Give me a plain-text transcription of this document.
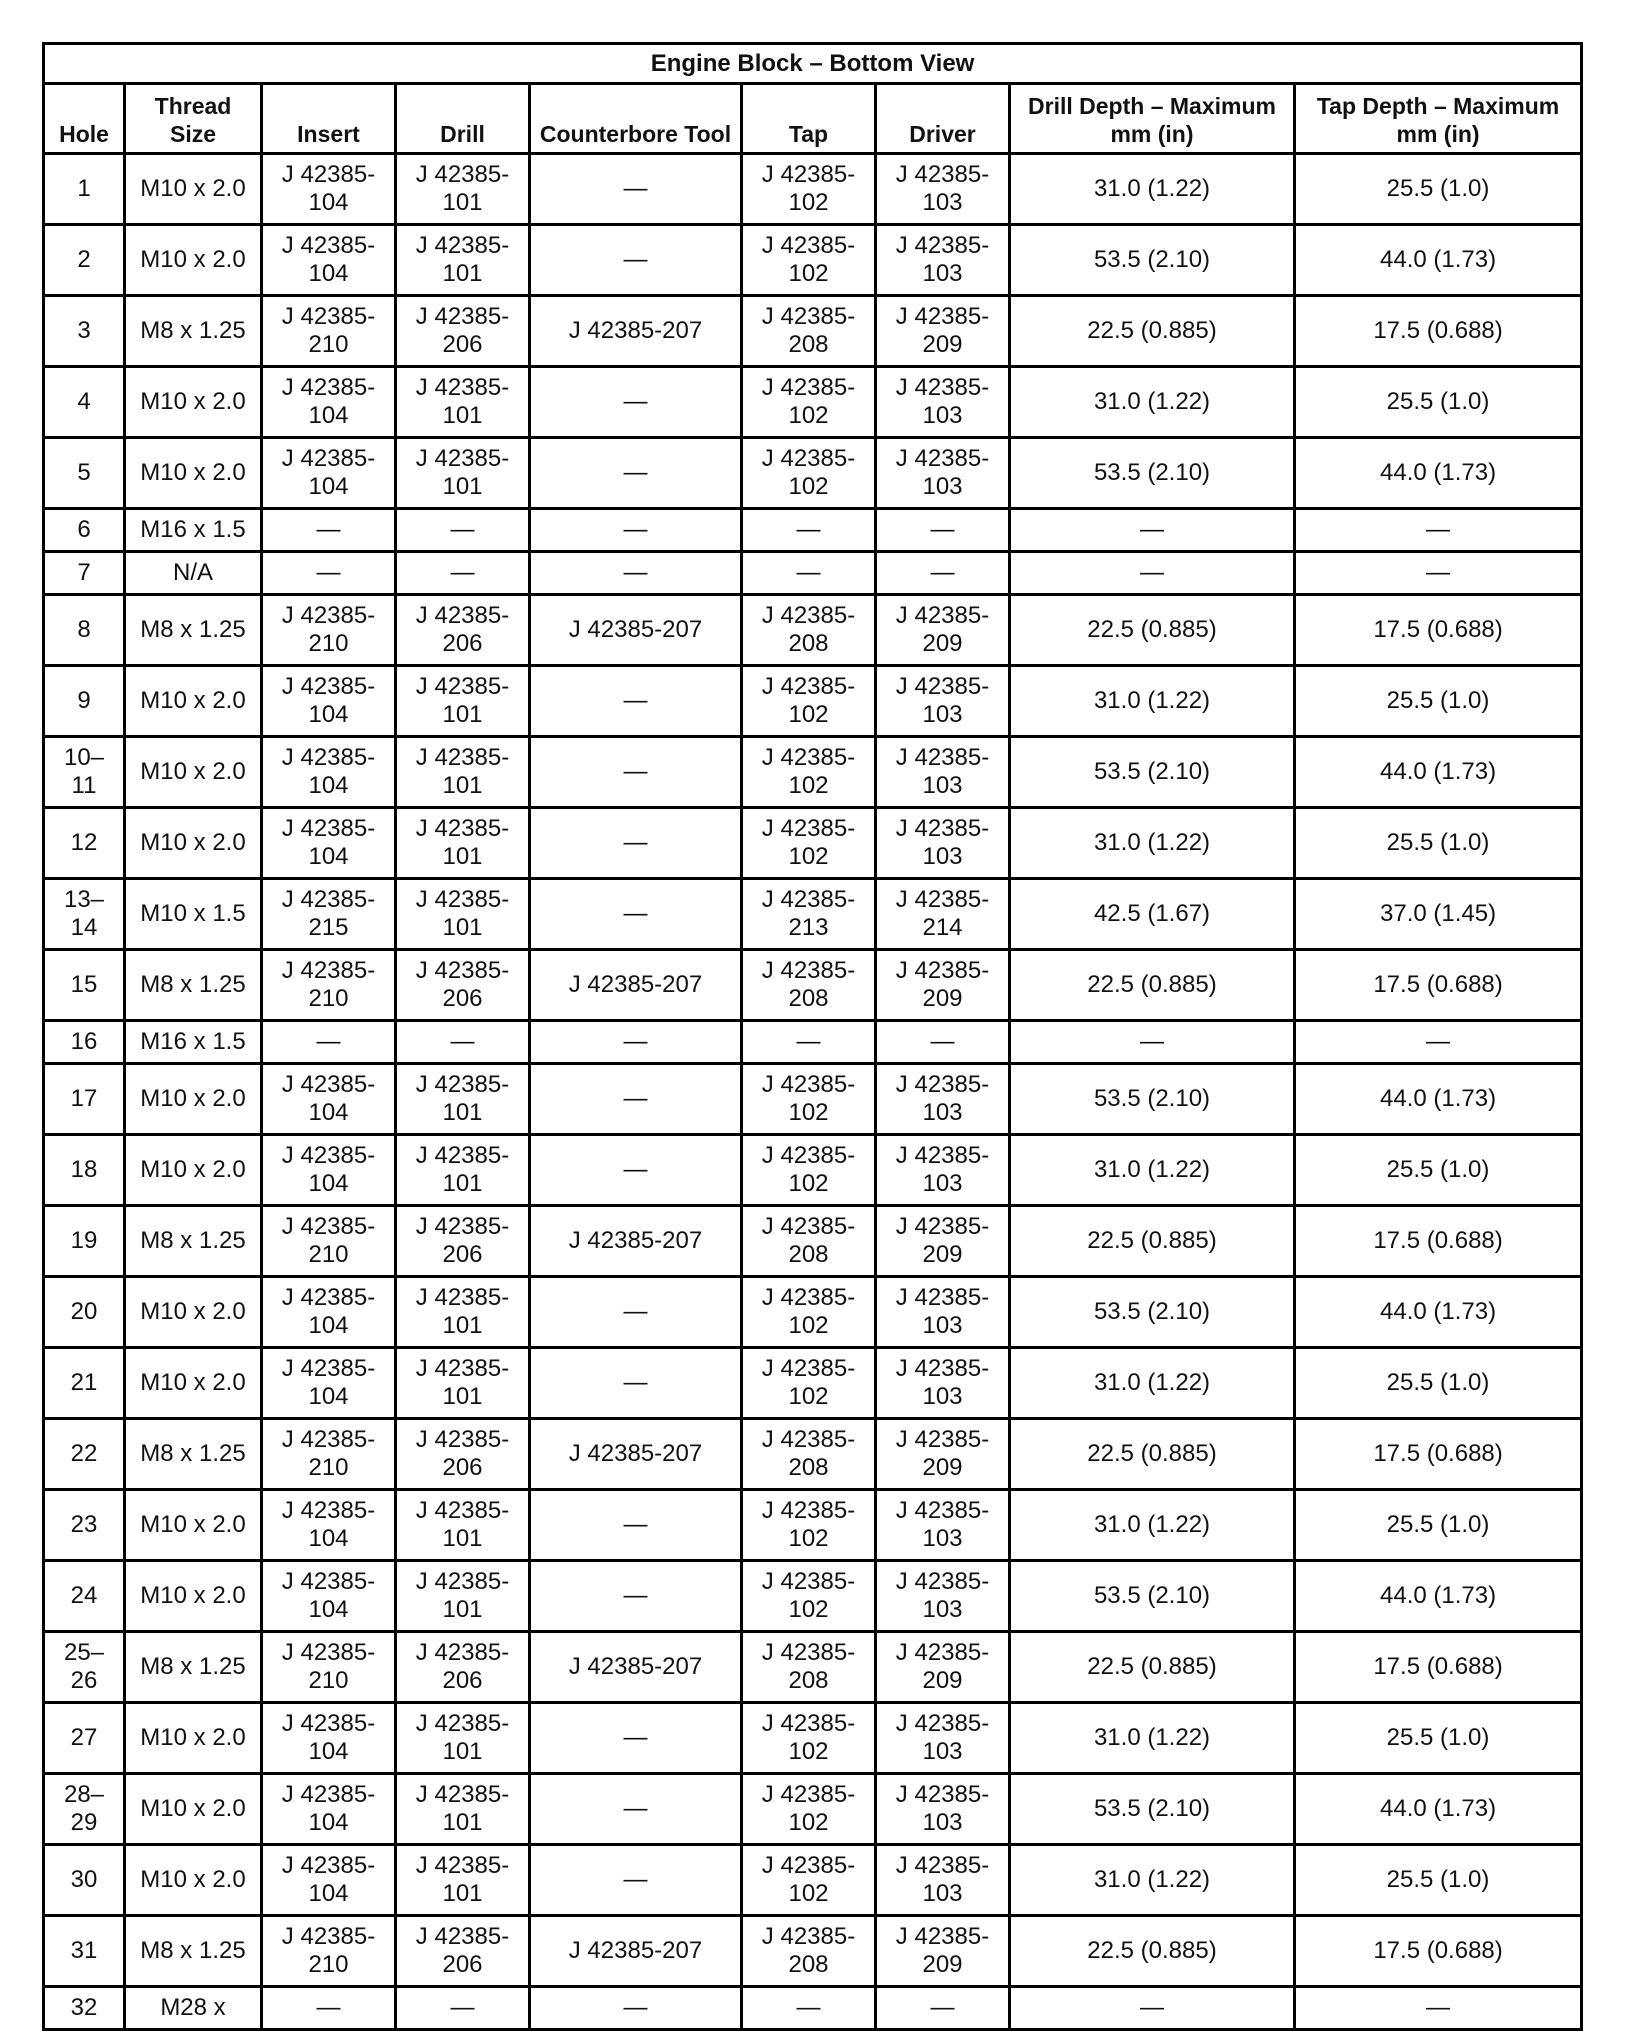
Engine Block – Bottom View								
Hole	Thread Size	Insert	Drill	Counterbore Tool	Tap	Driver	Drill Depth – Maximum mm (in)	Tap Depth – Maximum mm (in)
1	M10 x 2.0	J 42385-104	J 42385-101	—	J 42385-102	J 42385-103	31.0 (1.22)	25.5 (1.0)
2	M10 x 2.0	J 42385-104	J 42385-101	—	J 42385-102	J 42385-103	53.5 (2.10)	44.0 (1.73)
3	M8 x 1.25	J 42385-210	J 42385-206	J 42385-207	J 42385-208	J 42385-209	22.5 (0.885)	17.5 (0.688)
4	M10 x 2.0	J 42385-104	J 42385-101	—	J 42385-102	J 42385-103	31.0 (1.22)	25.5 (1.0)
5	M10 x 2.0	J 42385-104	J 42385-101	—	J 42385-102	J 42385-103	53.5 (2.10)	44.0 (1.73)
6	M16 x 1.5	—	—	—	—	—	—	—
7	N/A	—	—	—	—	—	—	—
8	M8 x 1.25	J 42385-210	J 42385-206	J 42385-207	J 42385-208	J 42385-209	22.5 (0.885)	17.5 (0.688)
9	M10 x 2.0	J 42385-104	J 42385-101	—	J 42385-102	J 42385-103	31.0 (1.22)	25.5 (1.0)
10–​11	M10 x 2.0	J 42385-104	J 42385-101	—	J 42385-102	J 42385-103	53.5 (2.10)	44.0 (1.73)
12	M10 x 2.0	J 42385-104	J 42385-101	—	J 42385-102	J 42385-103	31.0 (1.22)	25.5 (1.0)
13–​14	M10 x 1.5	J 42385-215	J 42385-101	—	J 42385-213	J 42385-214	42.5 (1.67)	37.0 (1.45)
15	M8 x 1.25	J 42385-210	J 42385-206	J 42385-207	J 42385-208	J 42385-209	22.5 (0.885)	17.5 (0.688)
16	M16 x 1.5	—	—	—	—	—	—	—
17	M10 x 2.0	J 42385-104	J 42385-101	—	J 42385-102	J 42385-103	53.5 (2.10)	44.0 (1.73)
18	M10 x 2.0	J 42385-104	J 42385-101	—	J 42385-102	J 42385-103	31.0 (1.22)	25.5 (1.0)
19	M8 x 1.25	J 42385-210	J 42385-206	J 42385-207	J 42385-208	J 42385-209	22.5 (0.885)	17.5 (0.688)
20	M10 x 2.0	J 42385-104	J 42385-101	—	J 42385-102	J 42385-103	53.5 (2.10)	44.0 (1.73)
21	M10 x 2.0	J 42385-104	J 42385-101	—	J 42385-102	J 42385-103	31.0 (1.22)	25.5 (1.0)
22	M8 x 1.25	J 42385-210	J 42385-206	J 42385-207	J 42385-208	J 42385-209	22.5 (0.885)	17.5 (0.688)
23	M10 x 2.0	J 42385-104	J 42385-101	—	J 42385-102	J 42385-103	31.0 (1.22)	25.5 (1.0)
24	M10 x 2.0	J 42385-104	J 42385-101	—	J 42385-102	J 42385-103	53.5 (2.10)	44.0 (1.73)
25–​26	M8 x 1.25	J 42385-210	J 42385-206	J 42385-207	J 42385-208	J 42385-209	22.5 (0.885)	17.5 (0.688)
27	M10 x 2.0	J 42385-104	J 42385-101	—	J 42385-102	J 42385-103	31.0 (1.22)	25.5 (1.0)
28–​29	M10 x 2.0	J 42385-104	J 42385-101	—	J 42385-102	J 42385-103	53.5 (2.10)	44.0 (1.73)
30	M10 x 2.0	J 42385-104	J 42385-101	—	J 42385-102	J 42385-103	31.0 (1.22)	25.5 (1.0)
31	M8 x 1.25	J 42385-210	J 42385-206	J 42385-207	J 42385-208	J 42385-209	22.5 (0.885)	17.5 (0.688)
32	M28 x	—	—	—	—	—	—	—
